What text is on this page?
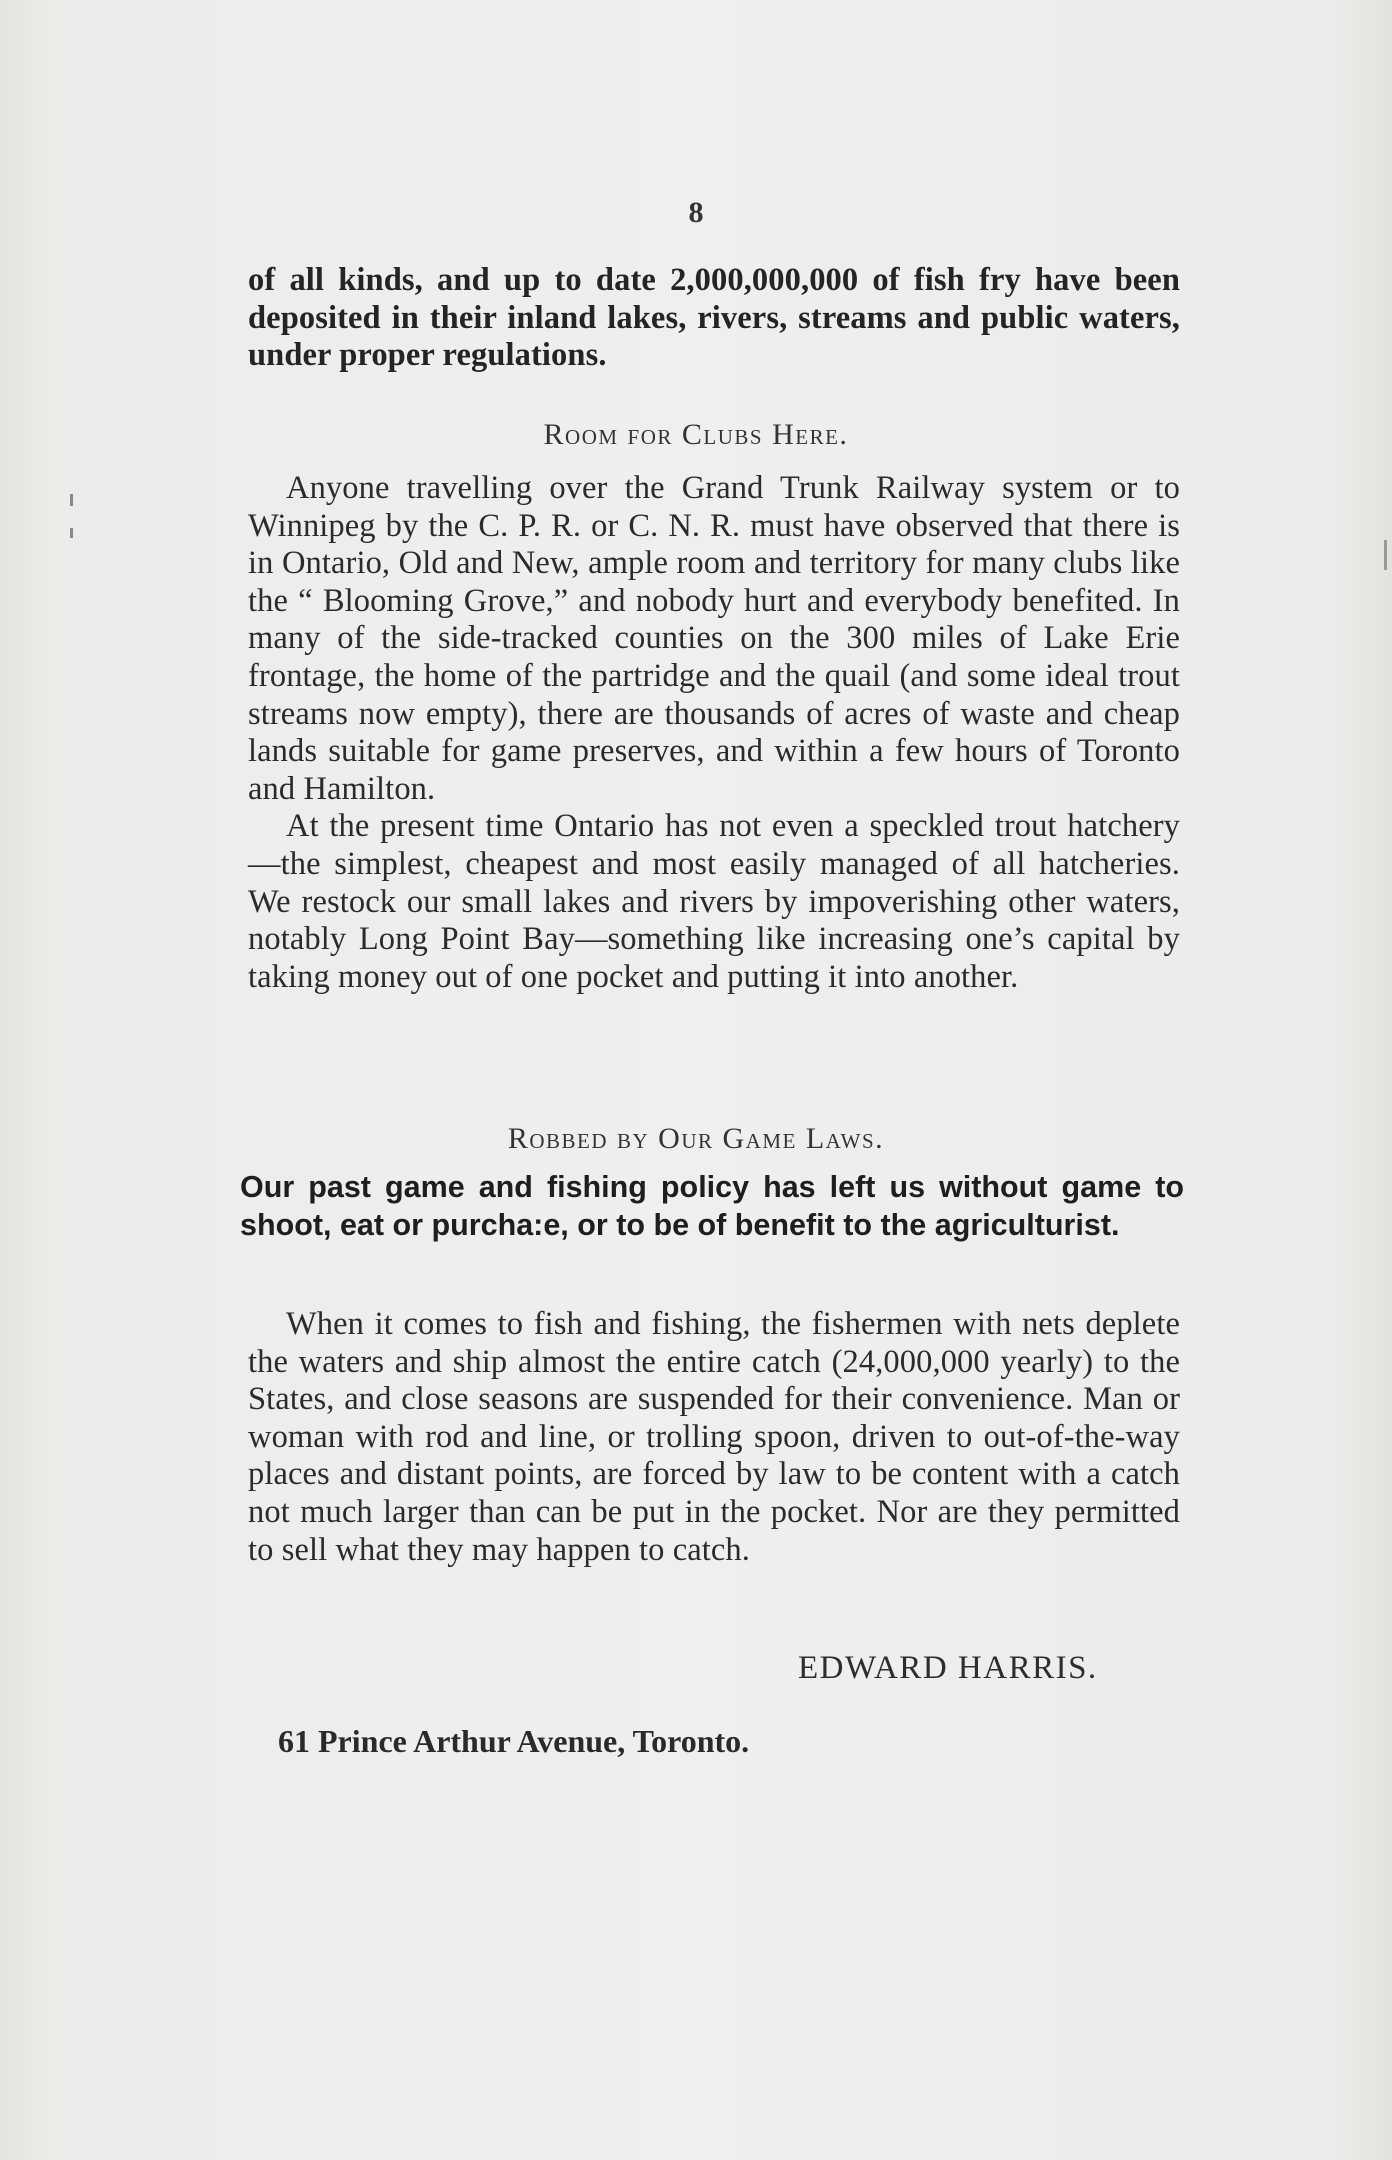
8

of all kinds, and up to date 2,000,000,000 of fish fry have been deposited in their inland lakes, rivers, streams and public waters, under proper regulations.

Room for Clubs Here.

Anyone travelling over the Grand Trunk Railway system or to Winnipeg by the C. P. R. or C. N. R. must have observed that there is in Ontario, Old and New, ample room and territory for many clubs like the “ Blooming Grove,” and nobody hurt and everybody benefited. In many of the side-tracked counties on the 300 miles of Lake Erie frontage, the home of the partridge and the quail (and some ideal trout streams now empty), there are thousands of acres of waste and cheap lands suitable for game preserves, and within a few hours of Toronto and Hamilton.

At the present time Ontario has not even a speckled trout hatchery—the simplest, cheapest and most easily managed of all hatcheries. We restock our small lakes and rivers by impoverishing other waters, notably Long Point Bay—something like increasing one’s capital by taking money out of one pocket and putting it into another.

Robbed by Our Game Laws.

Our past game and fishing policy has left us without game to shoot, eat or purcha:e, or to be of benefit to the agriculturist.

When it comes to fish and fishing, the fishermen with nets deplete the waters and ship almost the entire catch (24,000,000 yearly) to the States, and close seasons are suspended for their convenience. Man or woman with rod and line, or trolling spoon, driven to out-of-the-way places and distant points, are forced by law to be content with a catch not much larger than can be put in the pocket. Nor are they permitted to sell what they may happen to catch.

EDWARD HARRIS.
61 Prince Arthur Avenue, Toronto.
